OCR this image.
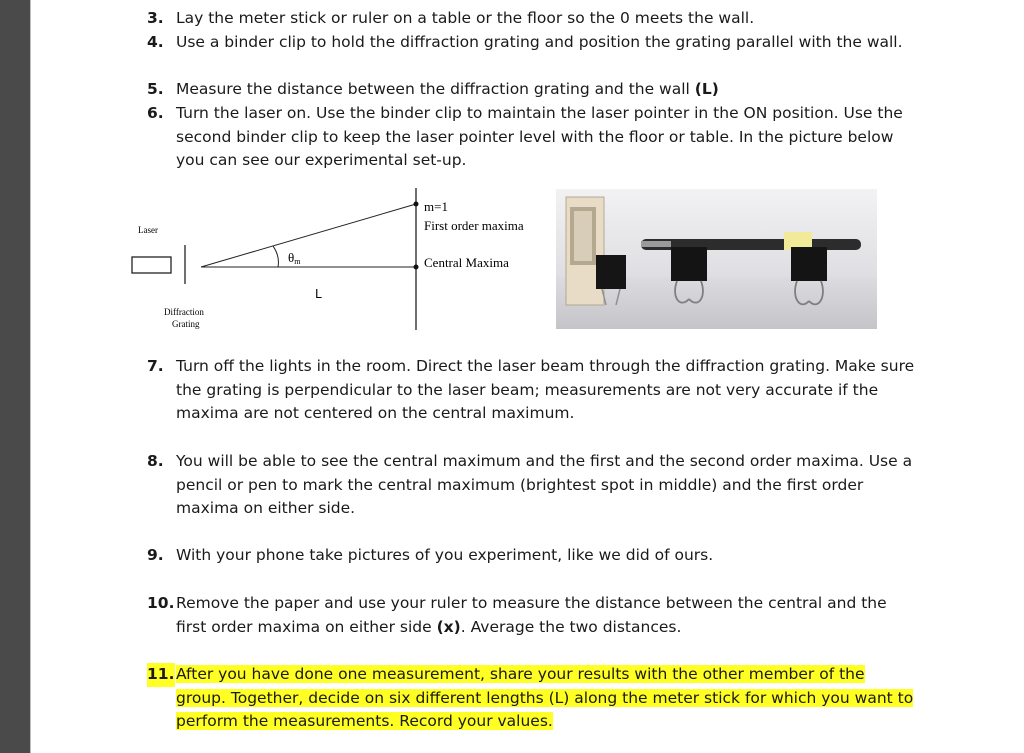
3. Lay the meter stick or ruler on a table or the floor so the 0 meets the wall.
4. Use a binder clip to hold the diffraction grating and position the grating parallel with the wall.
5. Measure the distance between the diffraction grating and the wall (L)
6. Turn the laser on. Use the binder clip to maintain the laser pointer in the ON position. Use the second binder clip to keep the laser pointer level with the floor or table. In the picture below you can see our experimental set-up.
Laser
θm
L
m=1
First order maxima
Central Maxima
Diffraction
Grating
7. Turn off the lights in the room. Direct the laser beam through the diffraction grating. Make sure the grating is perpendicular to the laser beam; measurements are not very accurate if the maxima are not centered on the central maximum.
8. You will be able to see the central maximum and the first and the second order maxima. Use a pencil or pen to mark the central maximum (brightest spot in middle) and the first order maxima on either side.
9. With your phone take pictures of you experiment, like we did of ours.
10. Remove the paper and use your ruler to measure the distance between the central and the first order maxima on either side (x). Average the two distances.
11. After you have done one measurement, share your results with the other member of the group. Together, decide on six different lengths (L) along the meter stick for which you want to perform the measurements. Record your values.
